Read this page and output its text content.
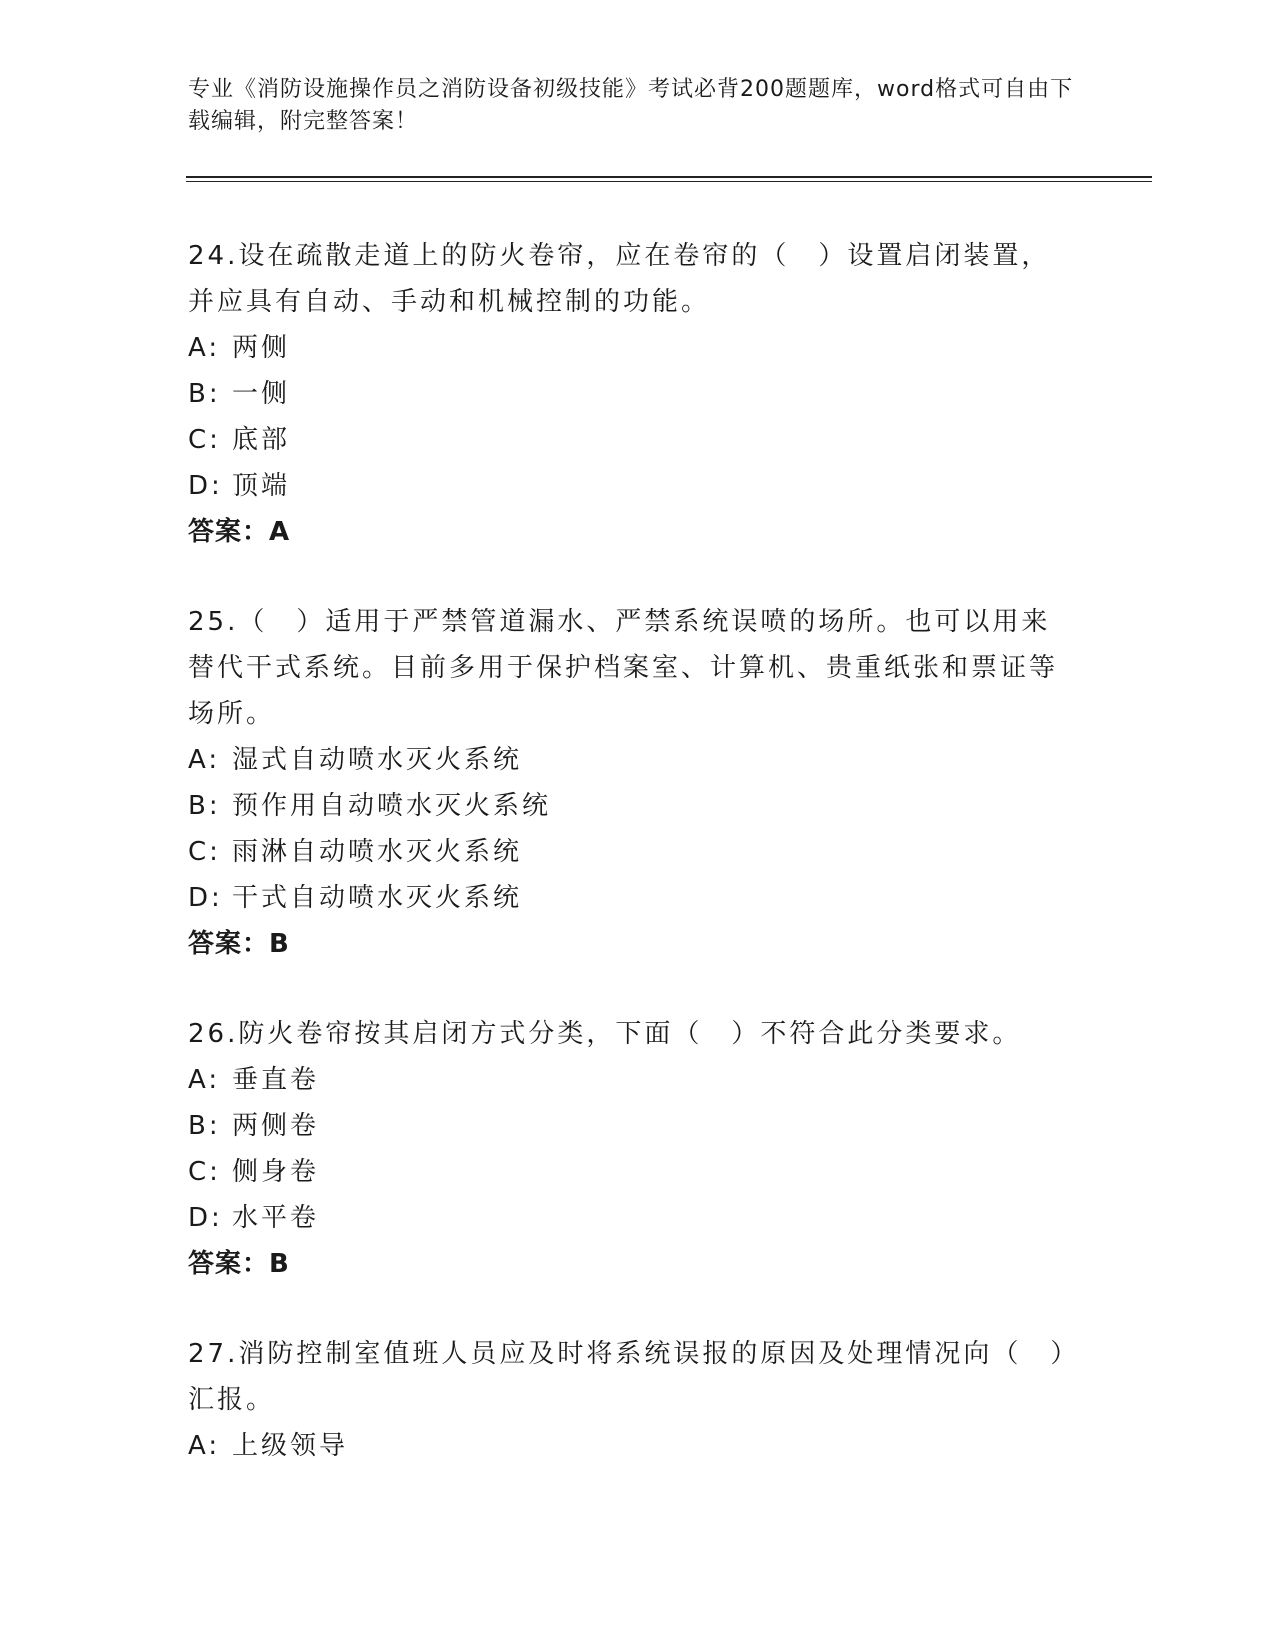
专业《消防设施操作员之消防设备初级技能》考试必背200题题库，word格式可自由下载编辑，附完整答案！

24.设在疏散走道上的防火卷帘，应在卷帘的（　）设置启闭装置，并应具有自动、手动和机械控制的功能。

A: 两侧

B: 一侧

C: 底部

D: 顶端

答案：A

25.（　）适用于严禁管道漏水、严禁系统误喷的场所。也可以用来替代干式系统。目前多用于保护档案室、计算机、贵重纸张和票证等场所。

A: 湿式自动喷水灭火系统

B: 预作用自动喷水灭火系统

C: 雨淋自动喷水灭火系统

D: 干式自动喷水灭火系统

答案：B

26.防火卷帘按其启闭方式分类，下面（　）不符合此分类要求。

A: 垂直卷

B: 两侧卷

C: 侧身卷

D: 水平卷

答案：B

27.消防控制室值班人员应及时将系统误报的原因及处理情况向（　）汇报。

A: 上级领导
